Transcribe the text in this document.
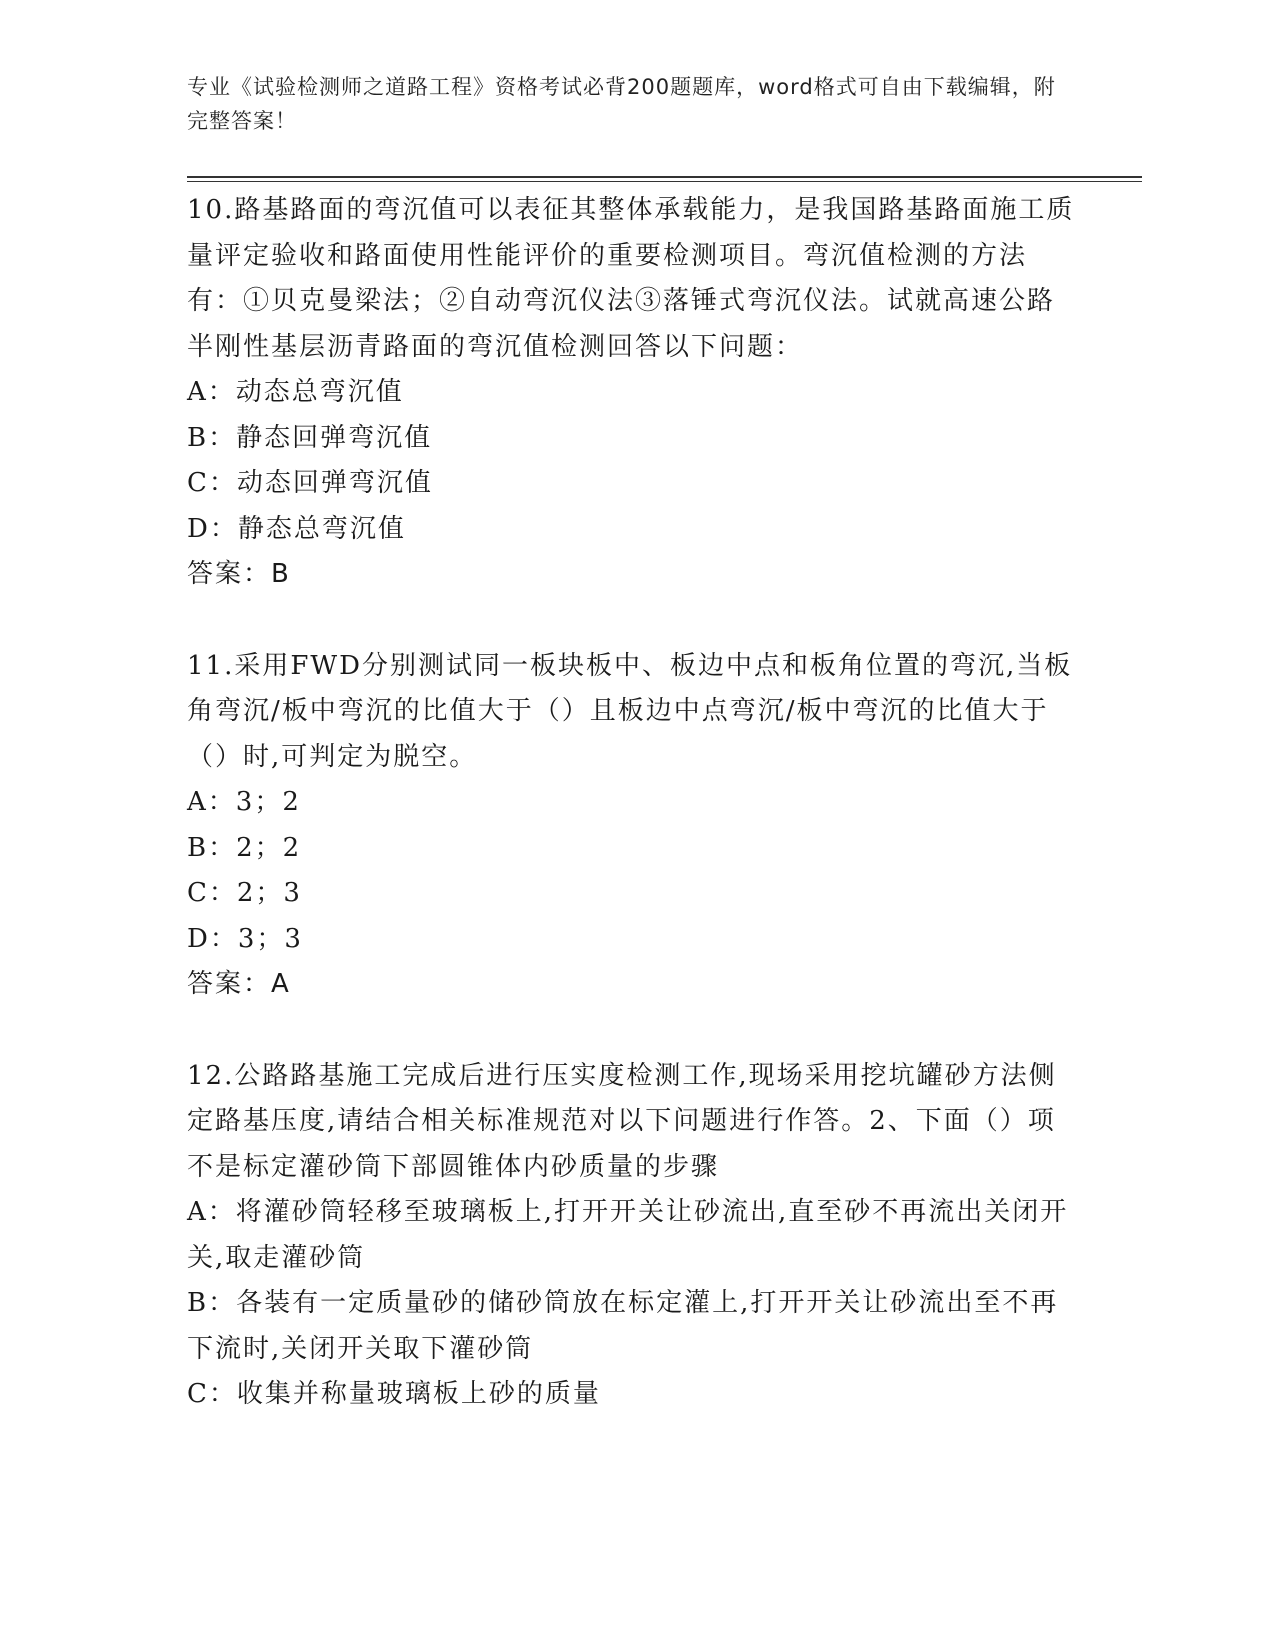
专业《试验检测师之道路工程》资格考试必背200题题库，word格式可自由下载编辑，附完整答案！

10.路基路面的弯沉值可以表征其整体承载能力，是我国路基路面施工质量评定验收和路面使用性能评价的重要检测项目。弯沉值检测的方法有：①贝克曼梁法；②自动弯沉仪法③落锤式弯沉仪法。试就高速公路半刚性基层沥青路面的弯沉值检测回答以下问题：

A：动态总弯沉值

B：静态回弹弯沉值

C：动态回弹弯沉值

D：静态总弯沉值

答案：B

11.采用FWD分别测试同一板块板中、板边中点和板角位置的弯沉,当板角弯沉/板中弯沉的比值大于（）且板边中点弯沉/板中弯沉的比值大于（）时,可判定为脱空。

A：3；2

B：2；2

C：2；3

D：3；3

答案：A

12.公路路基施工完成后进行压实度检测工作,现场采用挖坑罐砂方法侧定路基压度,请结合相关标准规范对以下问题进行作答。2、下面（）项不是标定灌砂筒下部圆锥体内砂质量的步骤

A：将灌砂筒轻移至玻璃板上,打开开关让砂流出,直至砂不再流出关闭开关,取走灌砂筒

B：各装有一定质量砂的储砂筒放在标定灌上,打开开关让砂流出至不再下流时,关闭开关取下灌砂筒

C：收集并称量玻璃板上砂的质量
